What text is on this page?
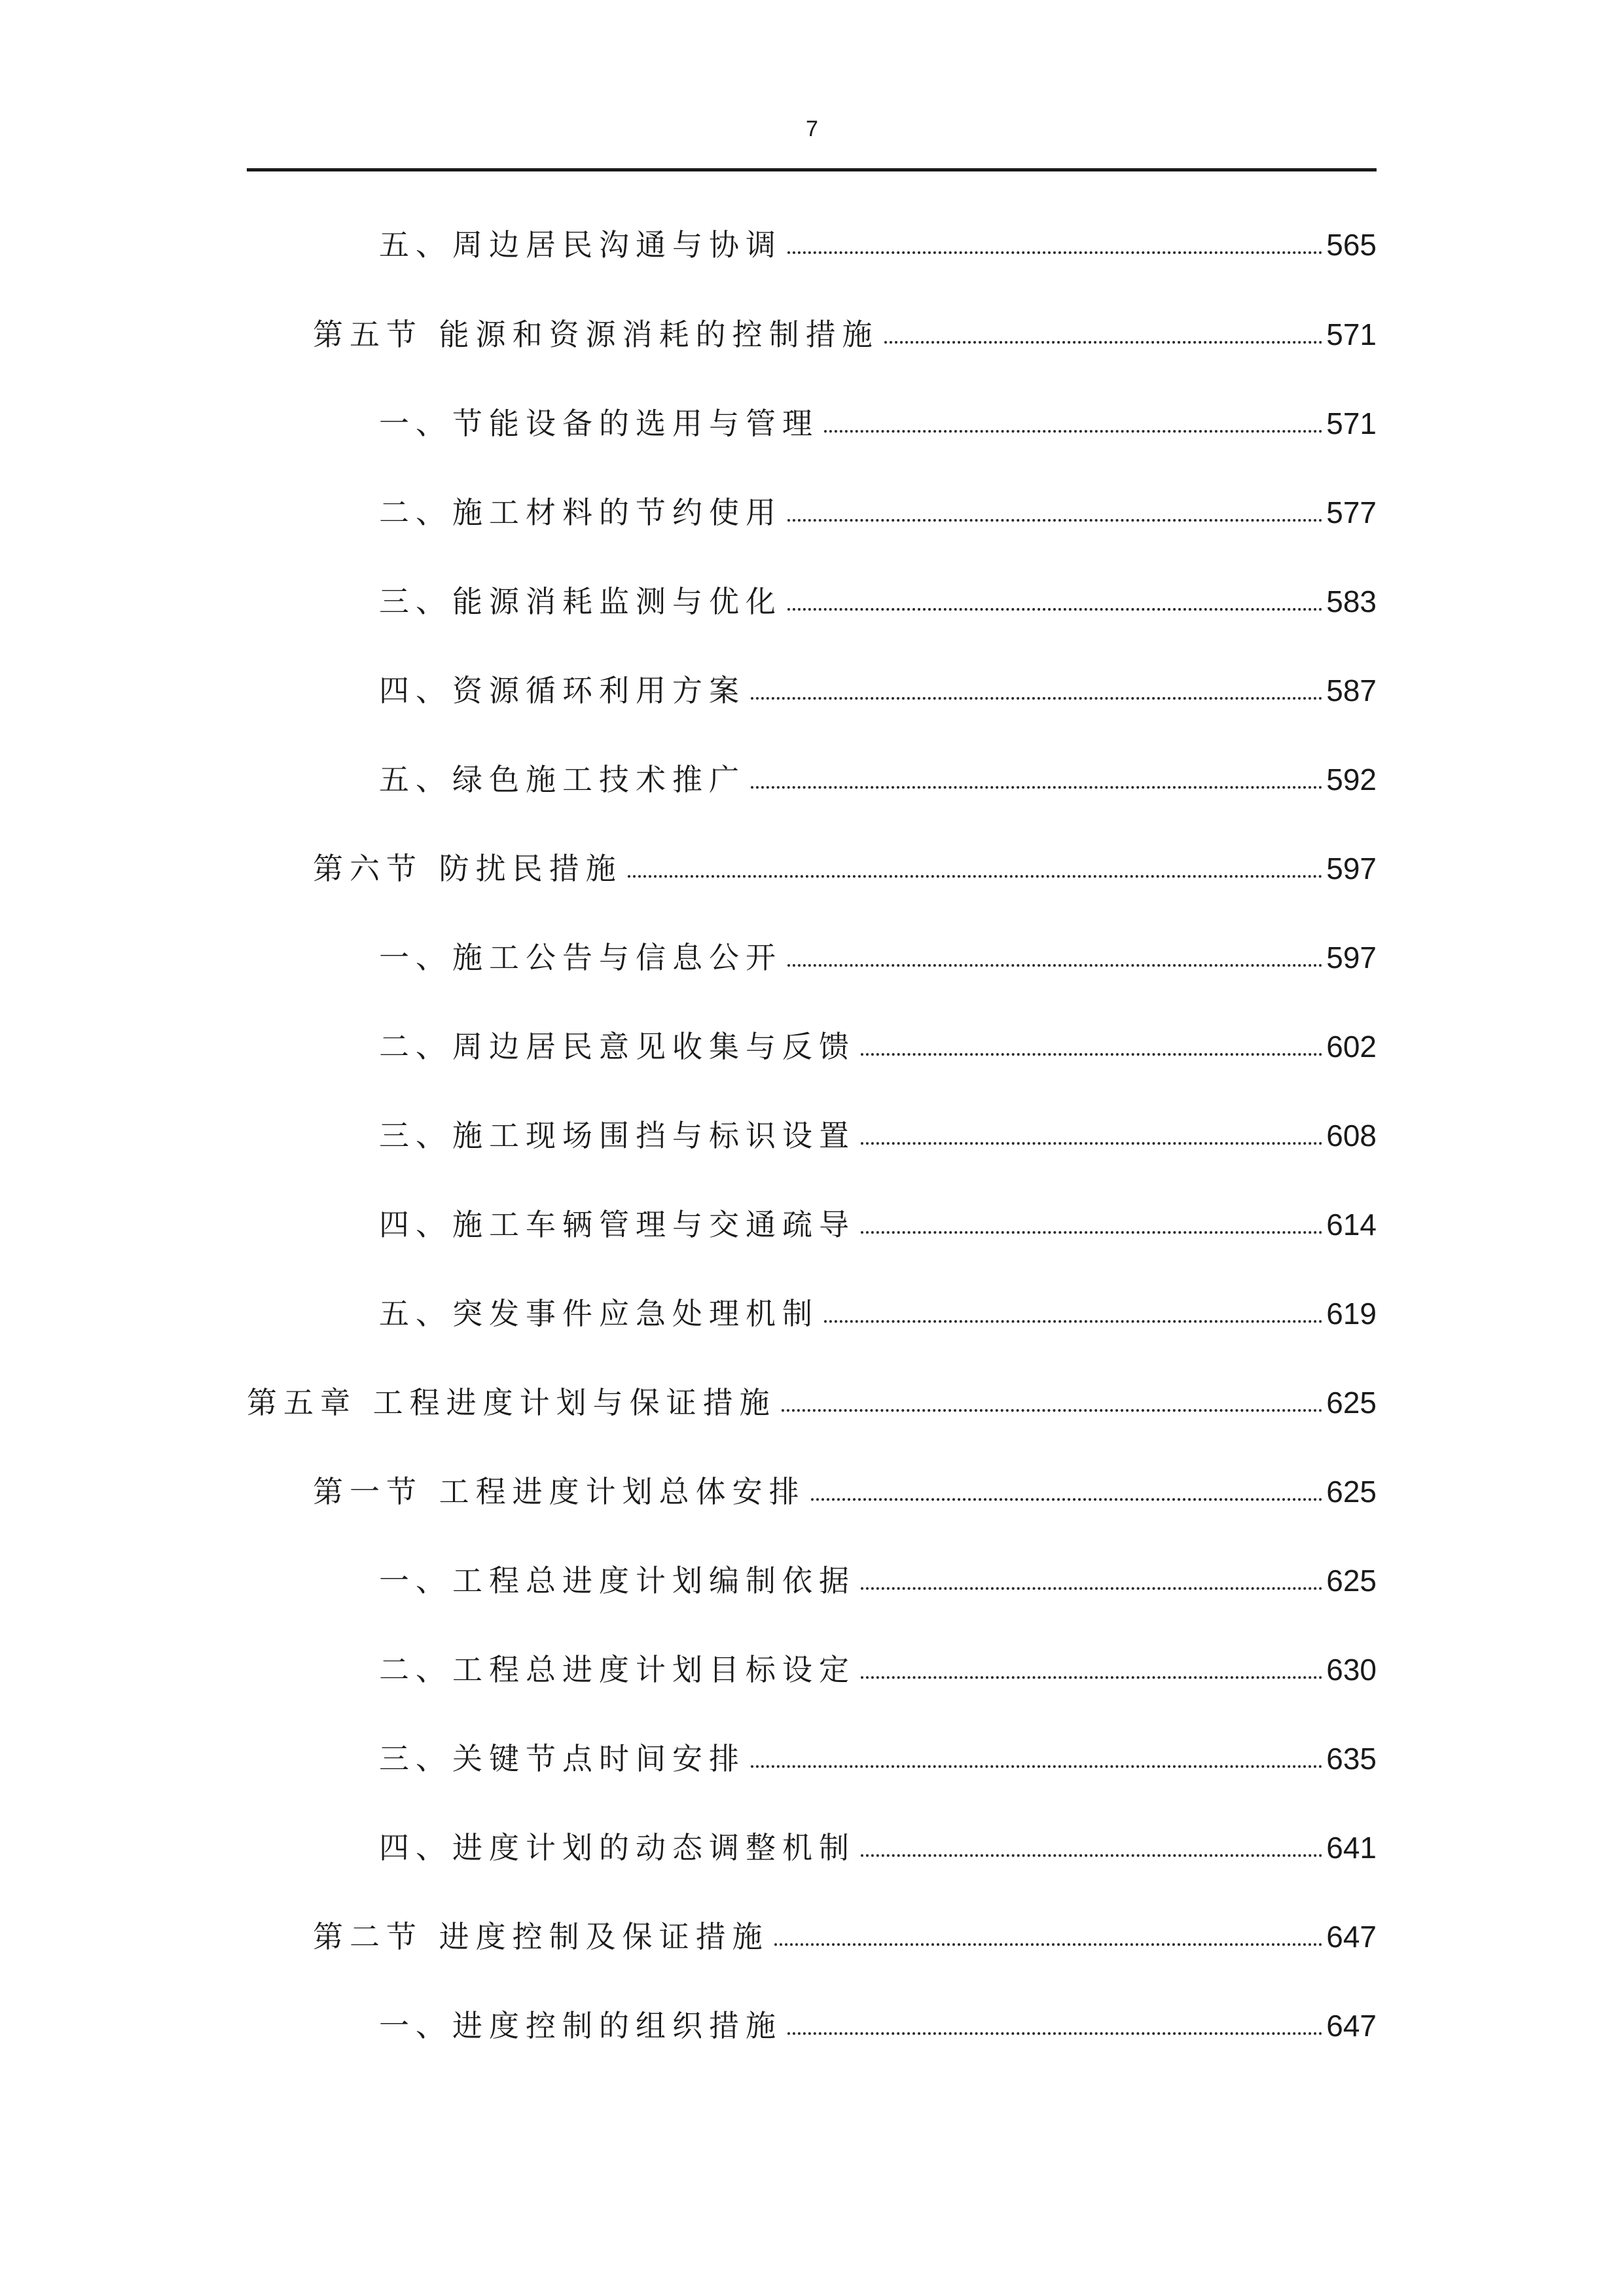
7
五、周边居民沟通与协调	565
第五节 能源和资源消耗的控制措施	571
一、节能设备的选用与管理	571
二、施工材料的节约使用	577
三、能源消耗监测与优化	583
四、资源循环利用方案	587
五、绿色施工技术推广	592
第六节 防扰民措施	597
一、施工公告与信息公开	597
二、周边居民意见收集与反馈	602
三、施工现场围挡与标识设置	608
四、施工车辆管理与交通疏导	614
五、突发事件应急处理机制	619
第五章 工程进度计划与保证措施	625
第一节 工程进度计划总体安排	625
一、工程总进度计划编制依据	625
二、工程总进度计划目标设定	630
三、关键节点时间安排	635
四、进度计划的动态调整机制	641
第二节 进度控制及保证措施	647
一、进度控制的组织措施	647
